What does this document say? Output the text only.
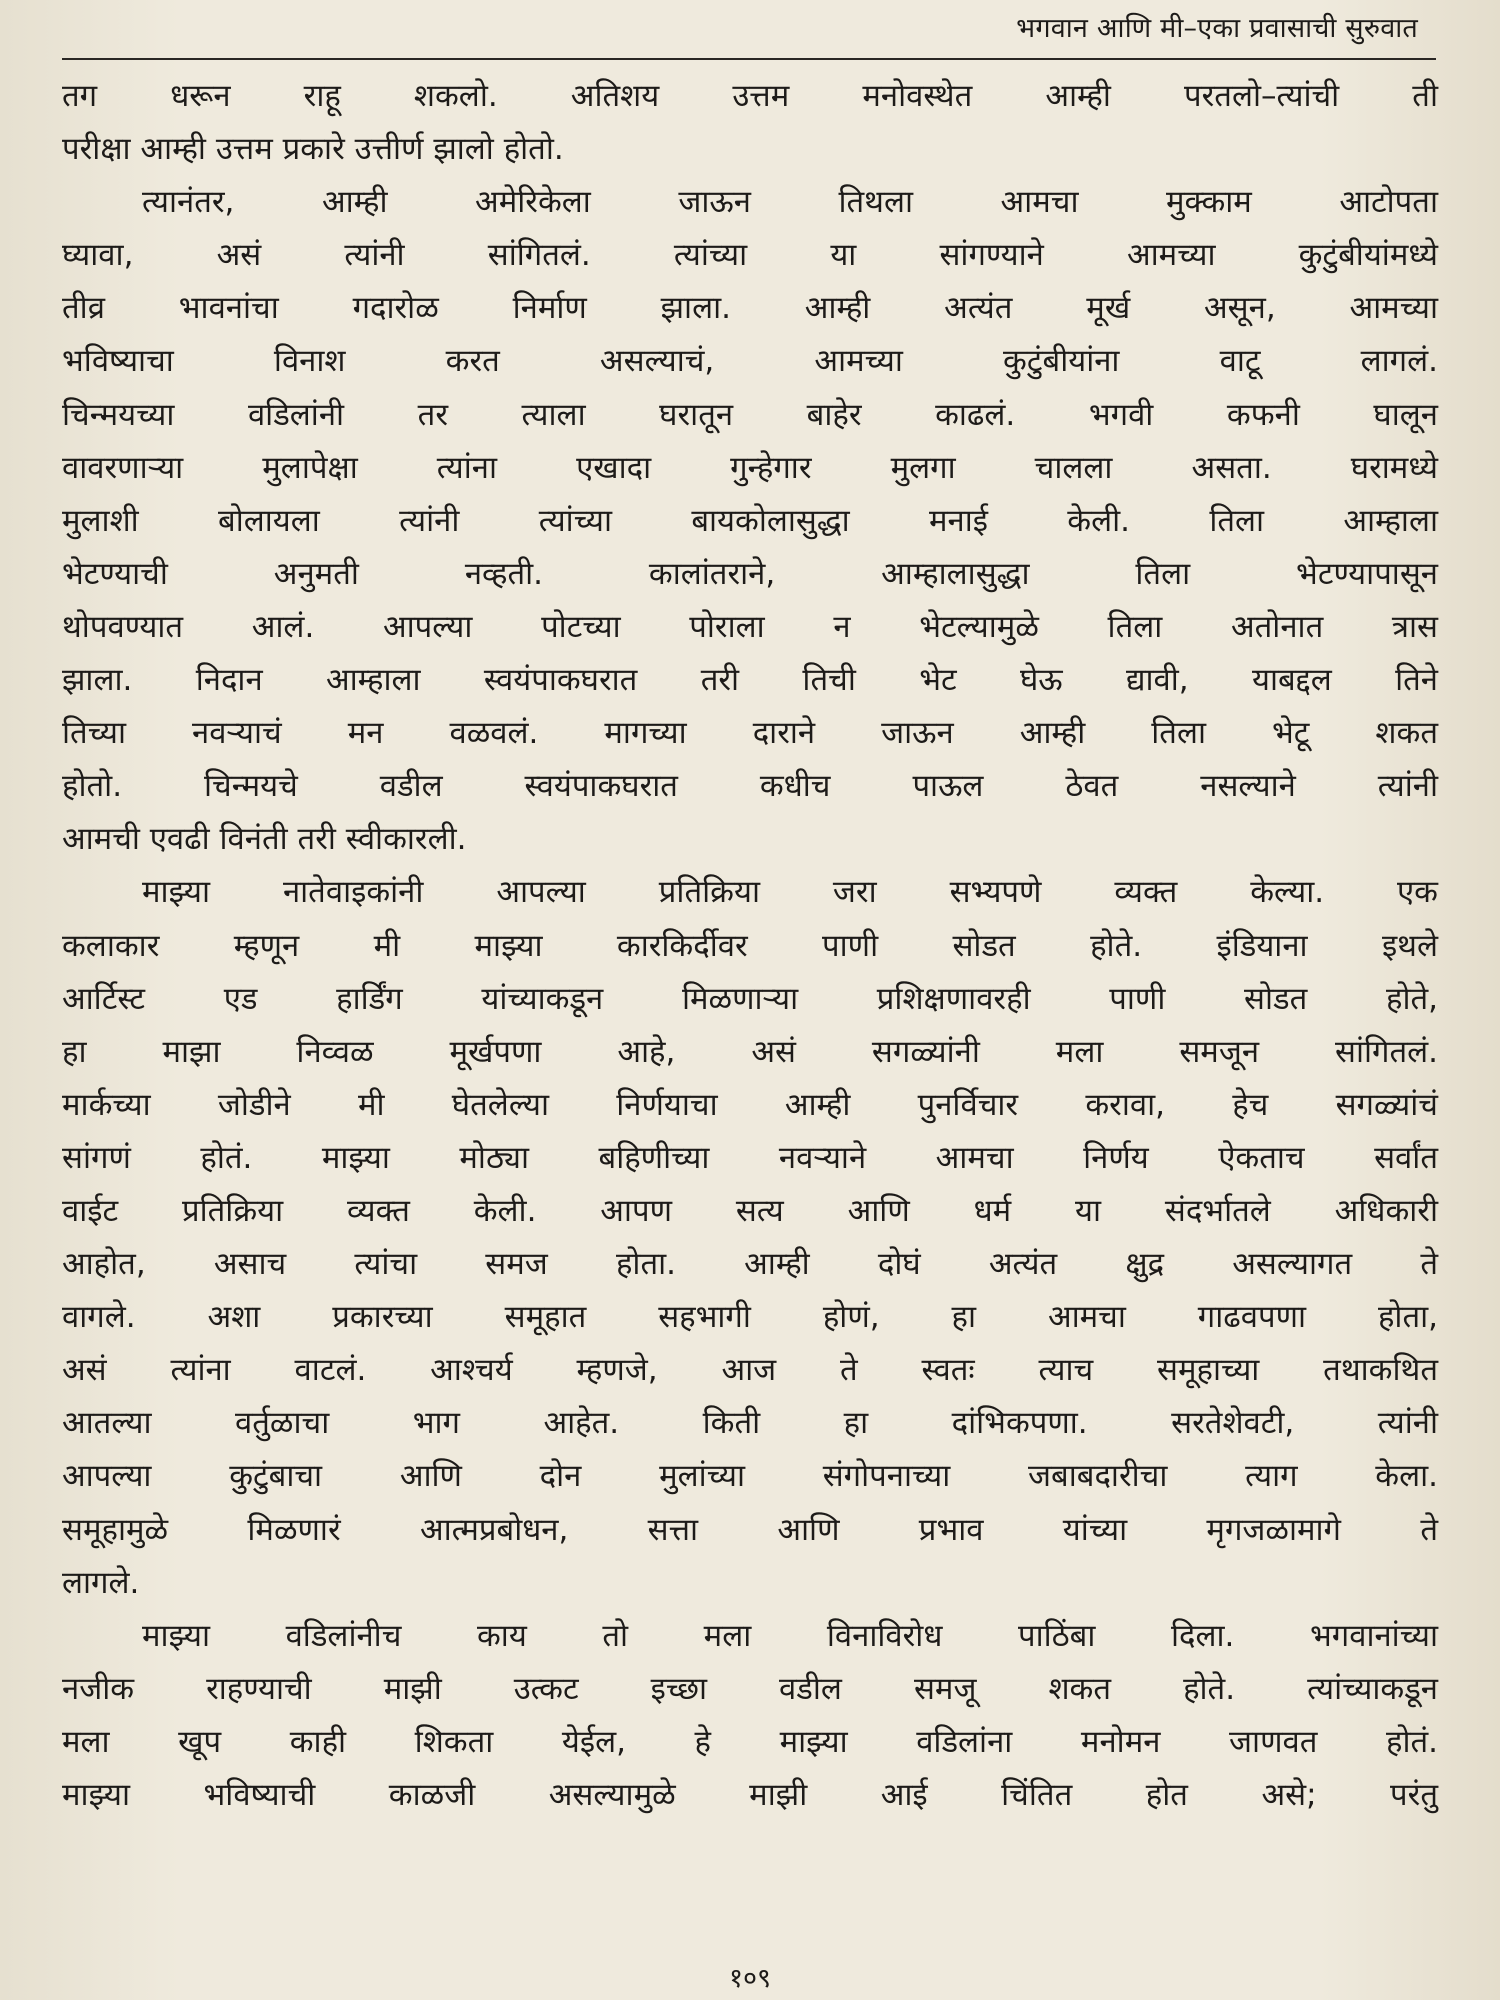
भगवान आणि मी–एका प्रवासाची सुरुवात
तग धरून राहू शकलो. अतिशय उत्तम मनोवस्थेत आम्ही परतलो–त्यांची ती
परीक्षा आम्ही उत्तम प्रकारे उत्तीर्ण झालो होतो.
त्यानंतर, आम्ही अमेरिकेला जाऊन तिथला आमचा मुक्काम आटोपता
घ्यावा, असं त्यांनी सांगितलं. त्यांच्या या सांगण्याने आमच्या कुटुंबीयांमध्ये
तीव्र भावनांचा गदारोळ निर्माण झाला. आम्ही अत्यंत मूर्ख असून, आमच्या
भविष्याचा विनाश करत असल्याचं, आमच्या कुटुंबीयांना वाटू लागलं.
चिन्मयच्या वडिलांनी तर त्याला घरातून बाहेर काढलं. भगवी कफनी घालून
वावरणाऱ्या मुलापेक्षा त्यांना एखादा गुन्हेगार मुलगा चालला असता. घरामध्ये
मुलाशी बोलायला त्यांनी त्यांच्या बायकोलासुद्धा मनाई केली. तिला आम्हाला
भेटण्याची अनुमती नव्हती. कालांतराने, आम्हालासुद्धा तिला भेटण्यापासून
थोपवण्यात आलं. आपल्या पोटच्या पोराला न भेटल्यामुळे तिला अतोनात त्रास
झाला. निदान आम्हाला स्वयंपाकघरात तरी तिची भेट घेऊ द्यावी, याबद्दल तिने
तिच्या नवऱ्याचं मन वळवलं. मागच्या दाराने जाऊन आम्ही तिला भेटू शकत
होतो. चिन्मयचे वडील स्वयंपाकघरात कधीच पाऊल ठेवत नसल्याने त्यांनी
आमची एवढी विनंती तरी स्वीकारली.
माझ्या नातेवाइकांनी आपल्या प्रतिक्रिया जरा सभ्यपणे व्यक्त केल्या. एक
कलाकार म्हणून मी माझ्या कारकिर्दीवर पाणी सोडत होते. इंडियाना इथले
आर्टिस्ट एड हार्डिंग यांच्याकडून मिळणाऱ्या प्रशिक्षणावरही पाणी सोडत होते,
हा माझा निव्वळ मूर्खपणा आहे, असं सगळ्यांनी मला समजून सांगितलं.
मार्कच्या जोडीने मी घेतलेल्या निर्णयाचा आम्ही पुनर्विचार करावा, हेच सगळ्यांचं
सांगणं होतं. माझ्या मोठ्या बहिणीच्या नवऱ्याने आमचा निर्णय ऐकताच सर्वांत
वाईट प्रतिक्रिया व्यक्त केली. आपण सत्य आणि धर्म या संदर्भातले अधिकारी
आहोत, असाच त्यांचा समज होता. आम्ही दोघं अत्यंत क्षुद्र असल्यागत ते
वागले. अशा प्रकारच्या समूहात सहभागी होणं, हा आमचा गाढवपणा होता,
असं त्यांना वाटलं. आश्चर्य म्हणजे, आज ते स्वतः त्याच समूहाच्या तथाकथित
आतल्या वर्तुळाचा भाग आहेत. किती हा दांभिकपणा. सरतेशेवटी, त्यांनी
आपल्या कुटुंबाचा आणि दोन मुलांच्या संगोपनाच्या जबाबदारीचा त्याग केला.
समूहामुळे मिळणारं आत्मप्रबोधन, सत्ता आणि प्रभाव यांच्या मृगजळामागे ते
लागले.
माझ्या वडिलांनीच काय तो मला विनाविरोध पाठिंबा दिला. भगवानांच्या
नजीक राहण्याची माझी उत्कट इच्छा वडील समजू शकत होते. त्यांच्याकडून
मला खूप काही शिकता येईल, हे माझ्या वडिलांना मनोमन जाणवत होतं.
माझ्या भविष्याची काळजी असल्यामुळे माझी आई चिंतित होत असे; परंतु
१०९
